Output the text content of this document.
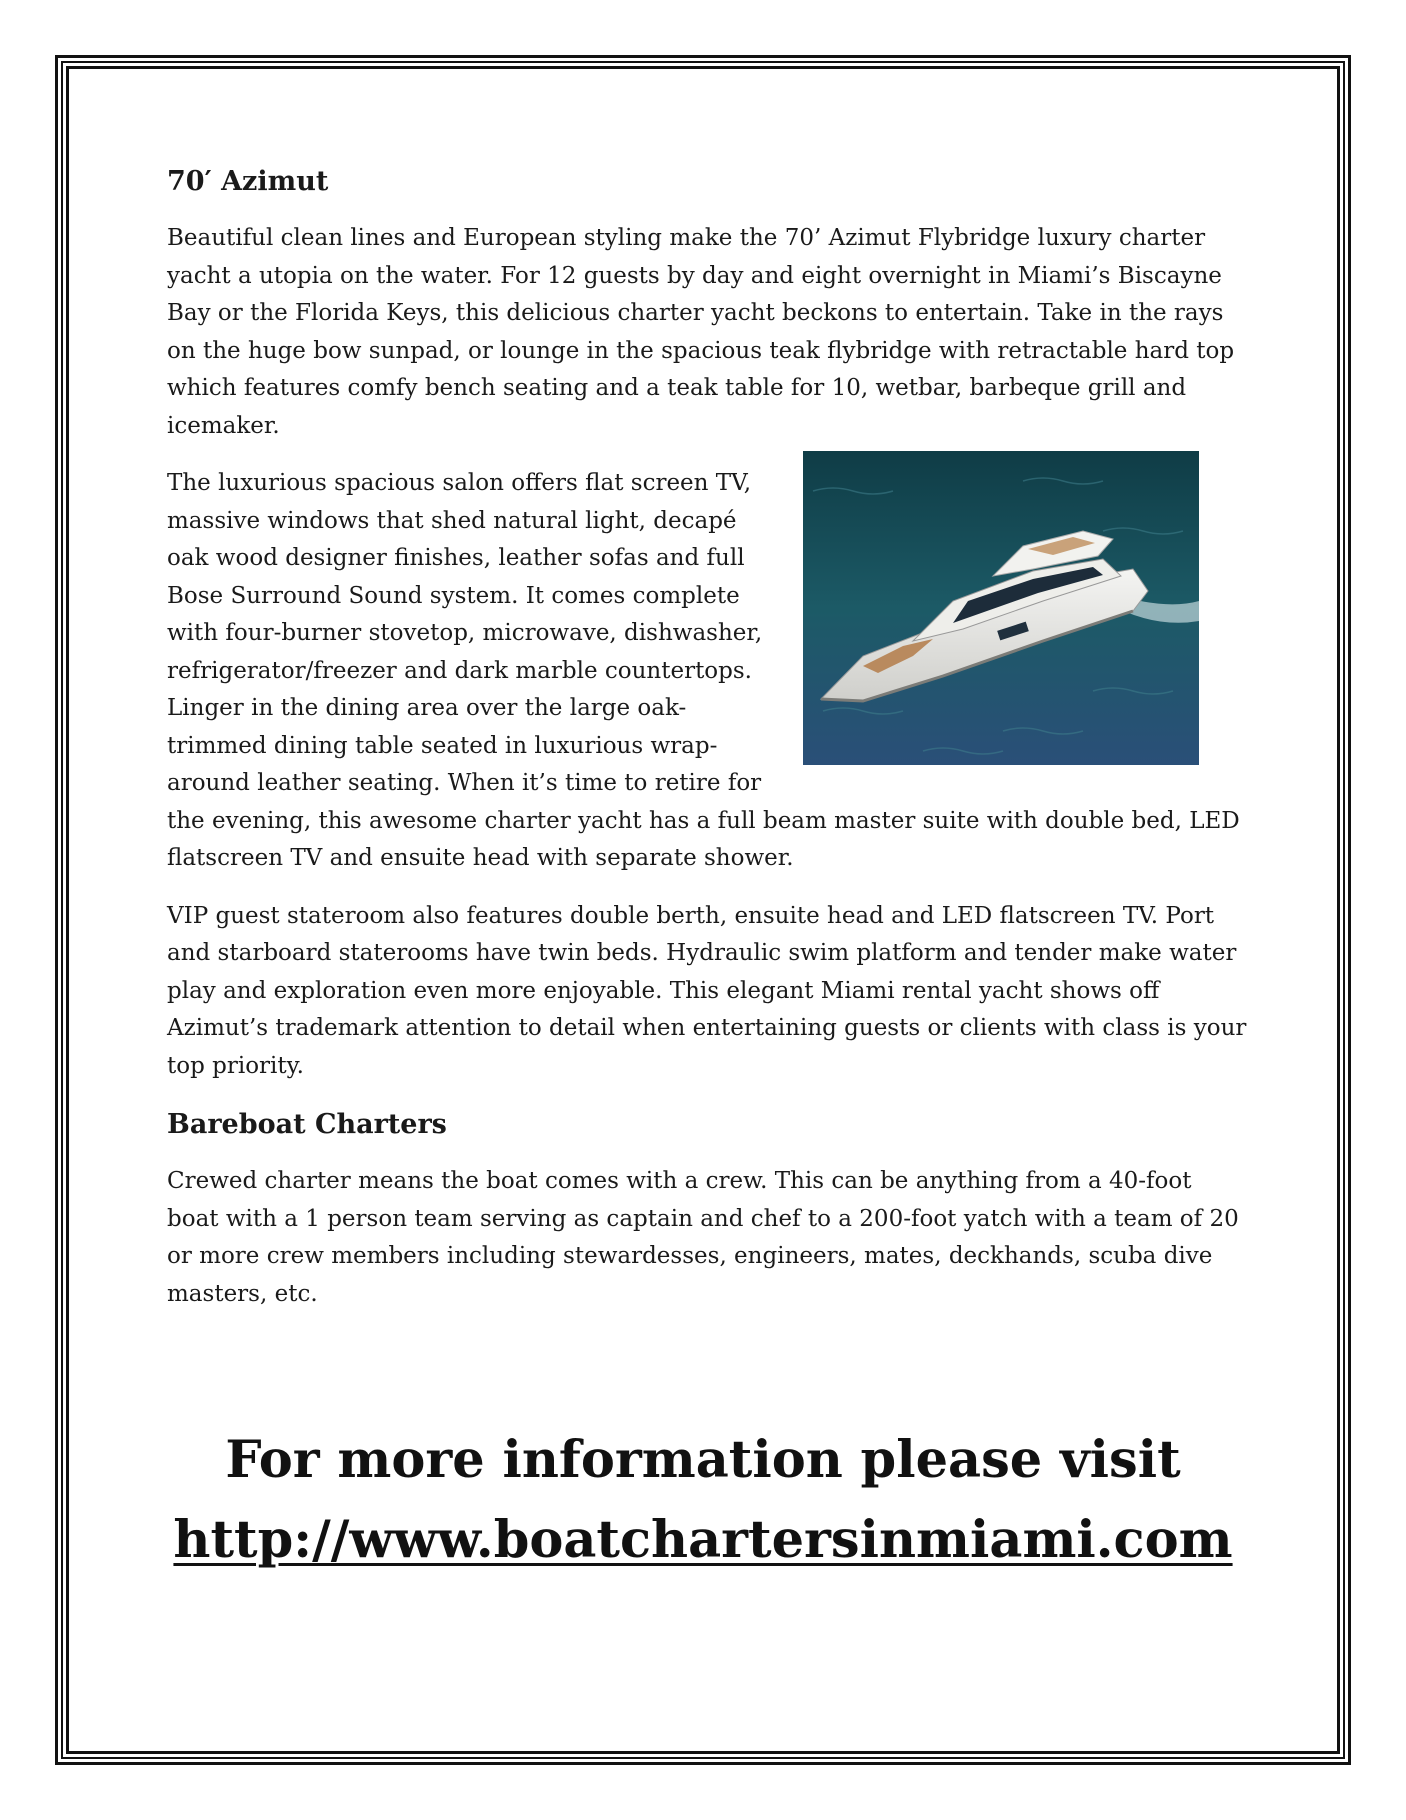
70′ Azimut

Beautiful clean lines and European styling make the 70’ Azimut Flybridge luxury charter yacht a utopia on the water. For 12 guests by day and eight overnight in Miami’s Biscayne Bay or the Florida Keys, this delicious charter yacht beckons to entertain. Take in the rays on the huge bow sunpad, or lounge in the spacious teak flybridge with retractable hard top which features comfy bench seating and a teak table for 10, wetbar, barbeque grill and icemaker.

The luxurious spacious salon offers flat screen TV, massive windows that shed natural light, decapé oak wood designer finishes, leather sofas and full Bose Surround Sound system. It comes complete with four-burner stovetop, microwave, dishwasher, refrigerator/freezer and dark marble countertops. Linger in the dining area over the large oak-trimmed dining table seated in luxurious wrap-around leather seating. When it’s time to retire for the evening, this awesome charter yacht has a full beam master suite with double bed, LED flatscreen TV and ensuite head with separate shower.

VIP guest stateroom also features double berth, ensuite head and LED flatscreen TV. Port and starboard staterooms have twin beds. Hydraulic swim platform and tender make water play and exploration even more enjoyable. This elegant Miami rental yacht shows off Azimut’s trademark attention to detail when entertaining guests or clients with class is your top priority.

Bareboat Charters

Crewed charter means the boat comes with a crew. This can be anything from a 40-foot boat with a 1 person team serving as captain and chef to a 200-foot yatch with a team of 20 or more crew members including stewardesses, engineers, mates, deckhands, scuba dive masters, etc.

For more information please visit
http://www.boatchartersinmiami.com
